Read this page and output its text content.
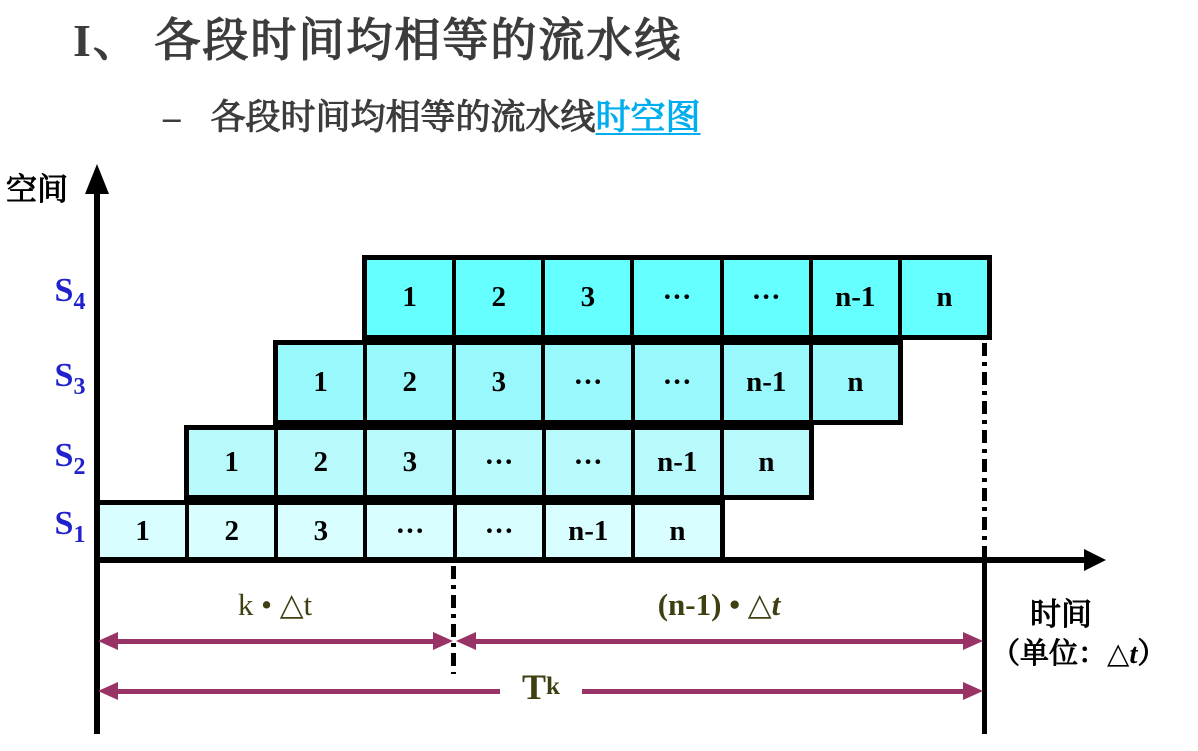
I、 各段时间均相等的流水线
– 各段时间均相等的流水线时空图
空间
时间
（单位：△t）
1	2	3	···	···	n-1	n
$S_4$
1	2	3	···	···	n-1	n
$S_3$
1	2	3	···	···	n-1	n
$S_2$
1	2	3	···	···	n-1	n
$S_1$
k • △t	(n-1) • △t
T k
